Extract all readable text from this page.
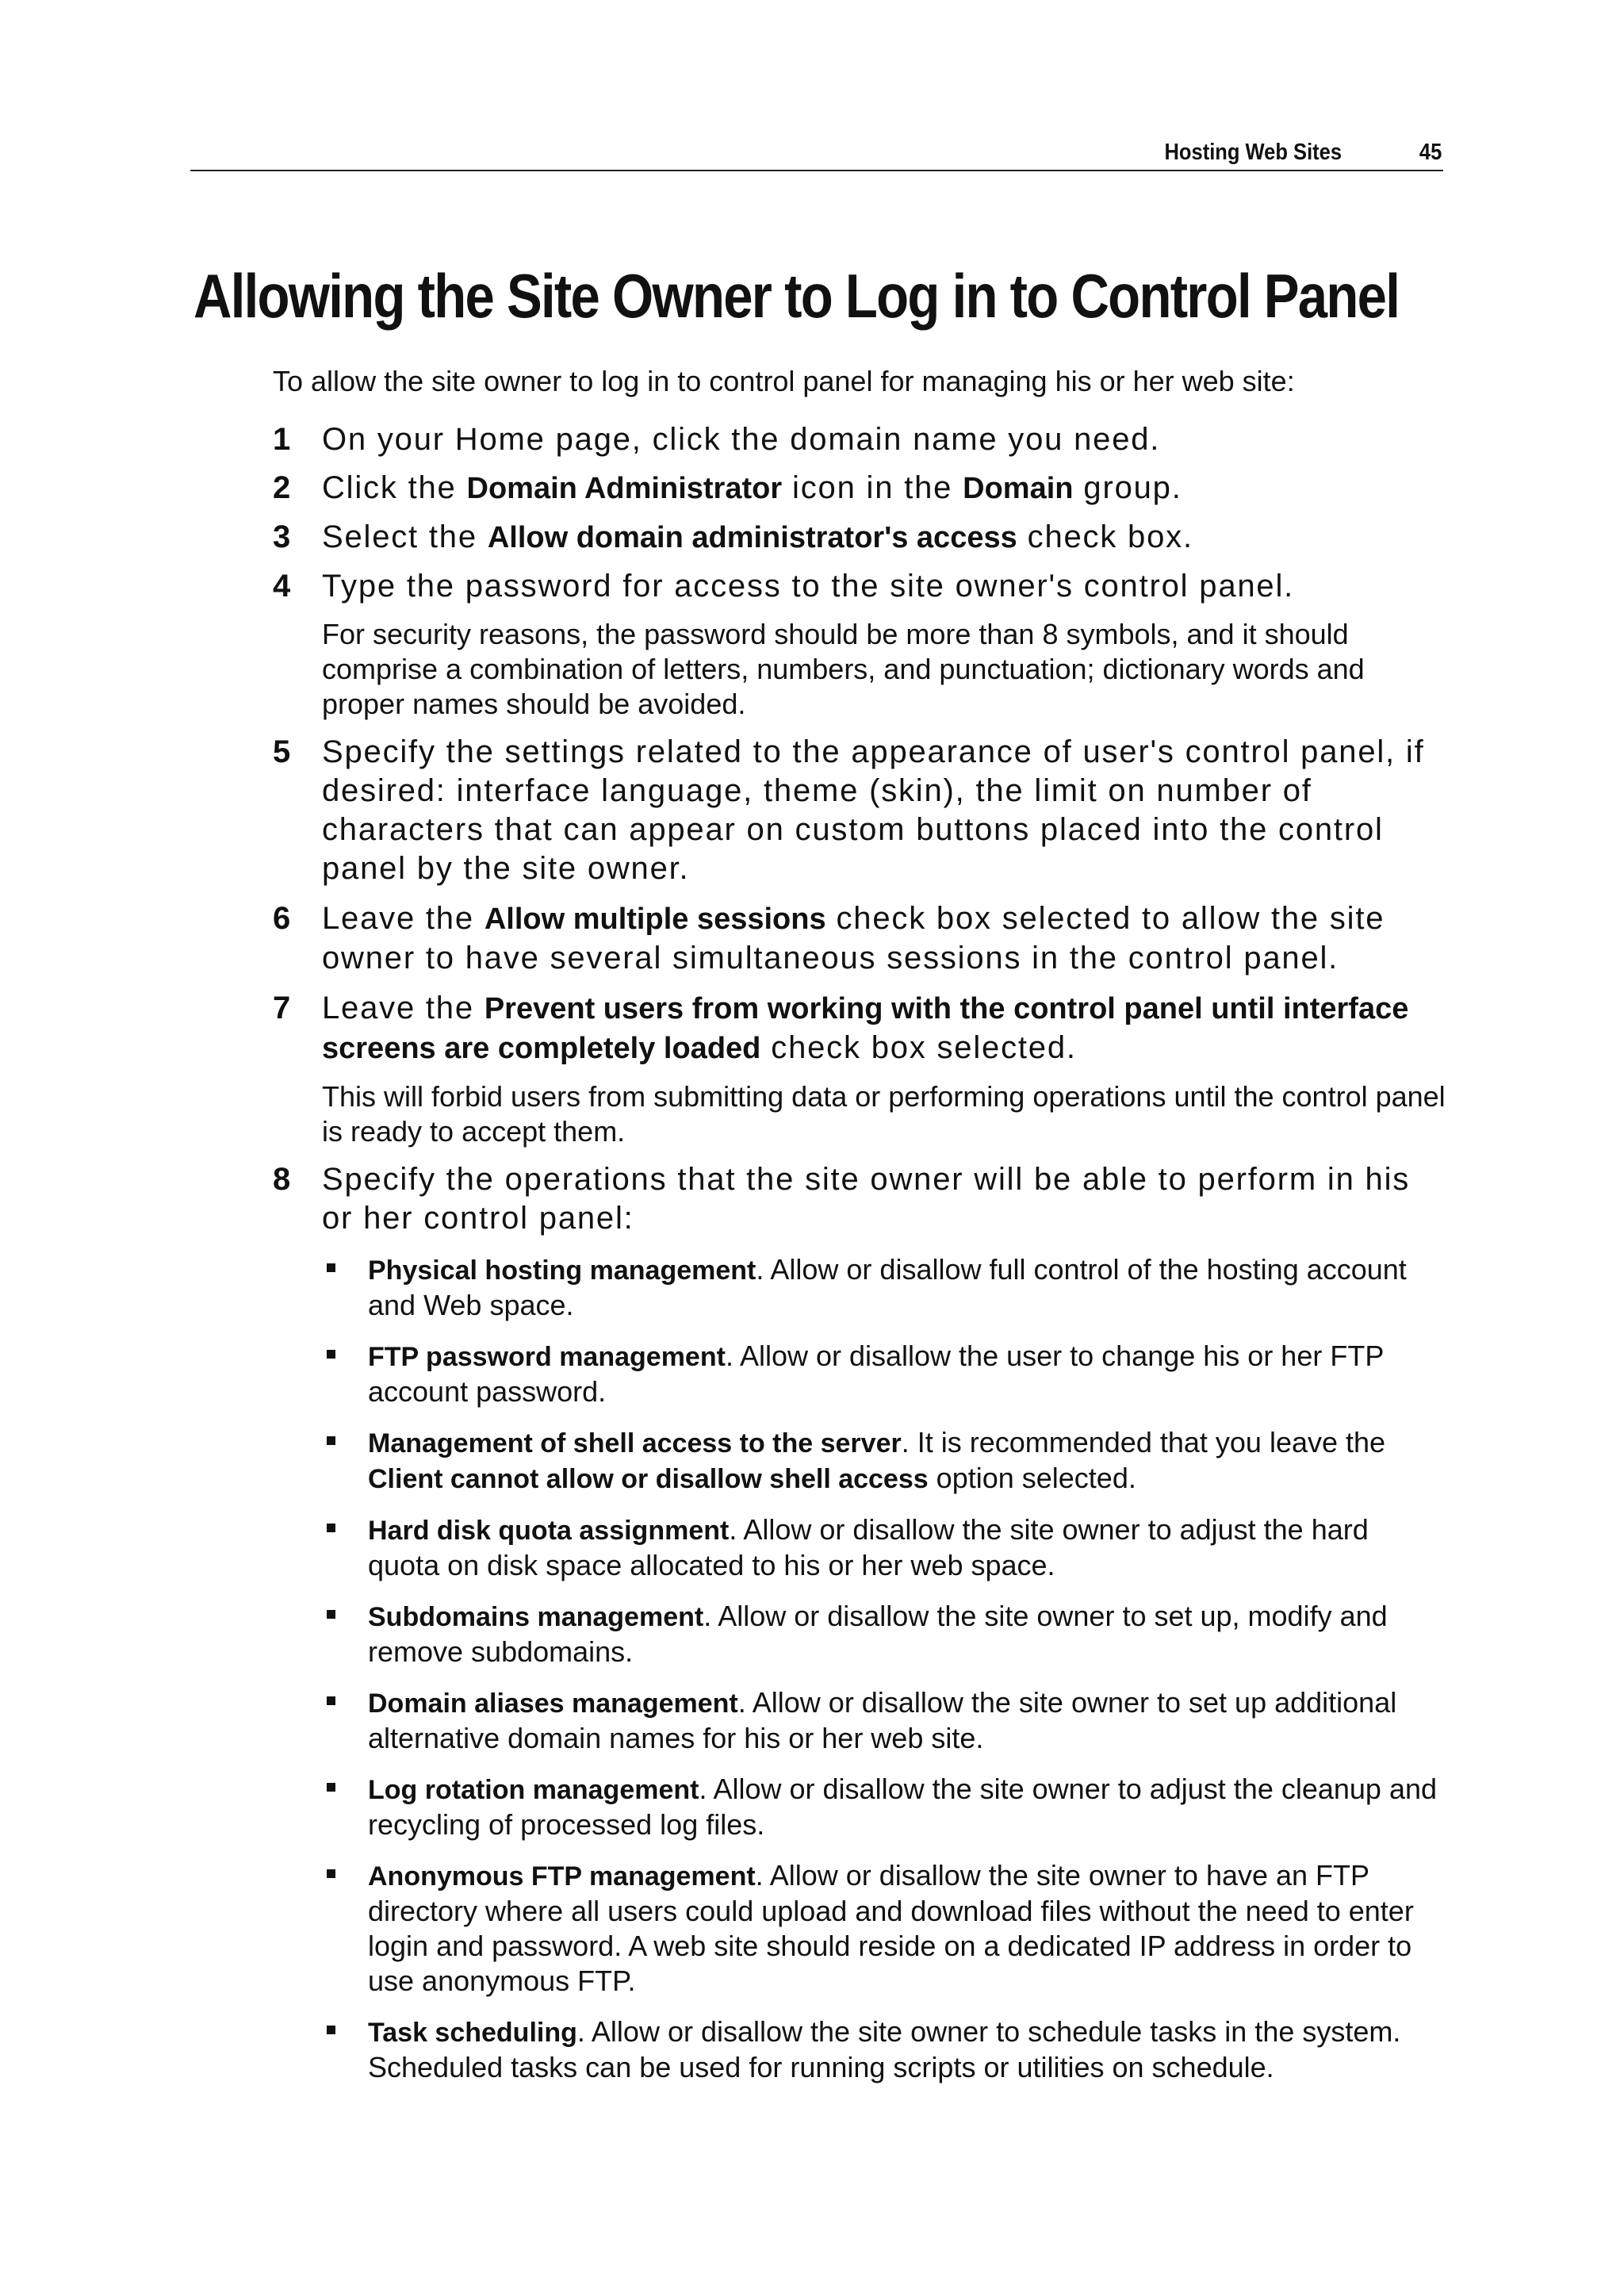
Hosting Web Sites	45
Allowing the Site Owner to Log in to Control Panel

To allow the site owner to log in to control panel for managing his or her web site:

1 On your Home page, click the domain name you need.
2 Click the Domain Administrator icon in the Domain group.
3 Select the Allow domain administrator's access check box.
4 Type the password for access to the site owner's control panel.
For security reasons, the password should be more than 8 symbols, and it should comprise a combination of letters, numbers, and punctuation; dictionary words and proper names should be avoided.
5 Specify the settings related to the appearance of user's control panel, if desired: interface language, theme (skin), the limit on number of characters that can appear on custom buttons placed into the control panel by the site owner.
6 Leave the Allow multiple sessions check box selected to allow the site owner to have several simultaneous sessions in the control panel.
7 Leave the Prevent users from working with the control panel until interface screens are completely loaded check box selected.
This will forbid users from submitting data or performing operations until the control panel is ready to accept them.
8 Specify the operations that the site owner will be able to perform in his or her control panel:
Physical hosting management. Allow or disallow full control of the hosting account and Web space.
FTP password management. Allow or disallow the user to change his or her FTP account password.
Management of shell access to the server. It is recommended that you leave the Client cannot allow or disallow shell access option selected.
Hard disk quota assignment. Allow or disallow the site owner to adjust the hard quota on disk space allocated to his or her web space.
Subdomains management. Allow or disallow the site owner to set up, modify and remove subdomains.
Domain aliases management. Allow or disallow the site owner to set up additional alternative domain names for his or her web site.
Log rotation management. Allow or disallow the site owner to adjust the cleanup and recycling of processed log files.
Anonymous FTP management. Allow or disallow the site owner to have an FTP directory where all users could upload and download files without the need to enter login and password. A web site should reside on a dedicated IP address in order to use anonymous FTP.
Task scheduling. Allow or disallow the site owner to schedule tasks in the system. Scheduled tasks can be used for running scripts or utilities on schedule.
